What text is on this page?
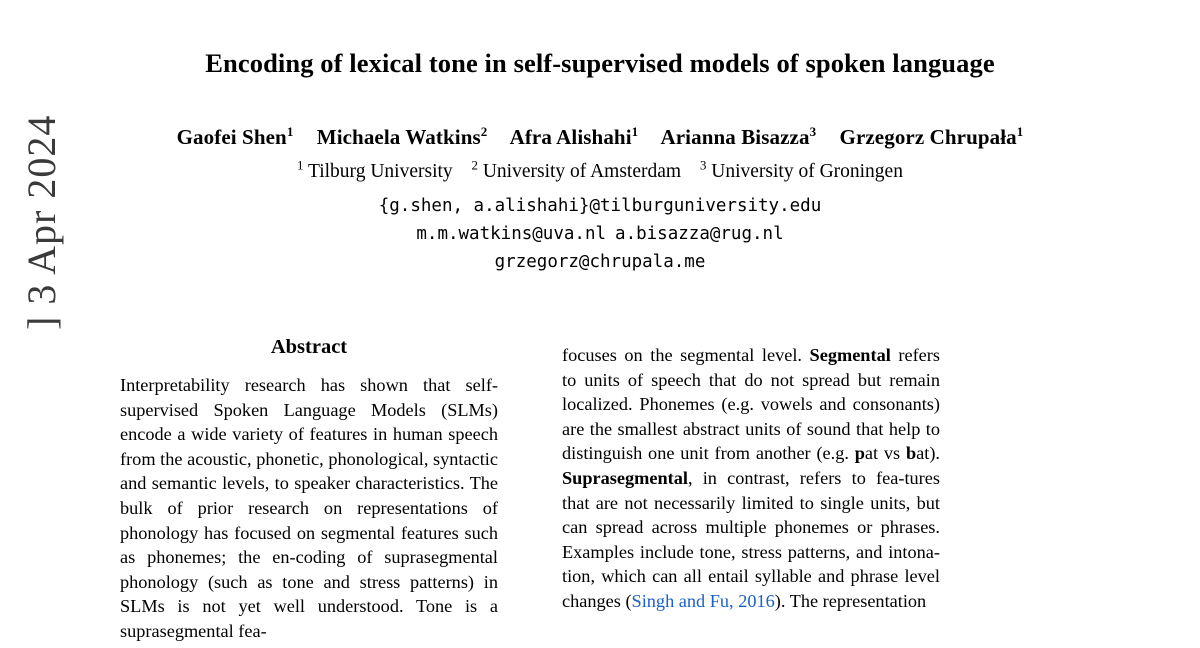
] 3 Apr 2024
Encoding of lexical tone in self-supervised models of spoken language
Gaofei Shen$^1$ Michaela Watkins$^2$ Afra Alishahi$^1$ Arianna Bisazza$^3$ Grzegorz Chrupała$^1$
$^1$ Tilburg University $^2$ University of Amsterdam $^3$ University of Groningen
{g.shen, a.alishahi}@tilburguniversity.edu
m.m.watkins@uva.nl a.bisazza@rug.nl
grzegorz@chrupala.me
Abstract

Interpretability research has shown that self-supervised Spoken Language Models (SLMs) encode a wide variety of features in human speech from the acoustic, phonetic, phonological, syntactic and semantic levels, to speaker characteristics. The bulk of prior research on representations of phonology has focused on segmental features such as phonemes; the en-coding of suprasegmental phonology (such as tone and stress patterns) in SLMs is not yet well understood. Tone is a suprasegmental fea-

focuses on the segmental level. Segmental refers to units of speech that do not spread but remain localized. Phonemes (e.g. vowels and consonants) are the smallest abstract units of sound that help to distinguish one unit from another (e.g. pat vs bat). Suprasegmental, in contrast, refers to fea-tures that are not necessarily limited to single units, but can spread across multiple phonemes or phrases. Examples include tone, stress patterns, and intona-tion, which can all entail syllable and phrase level changes (Singh and Fu, 2016). The representation
